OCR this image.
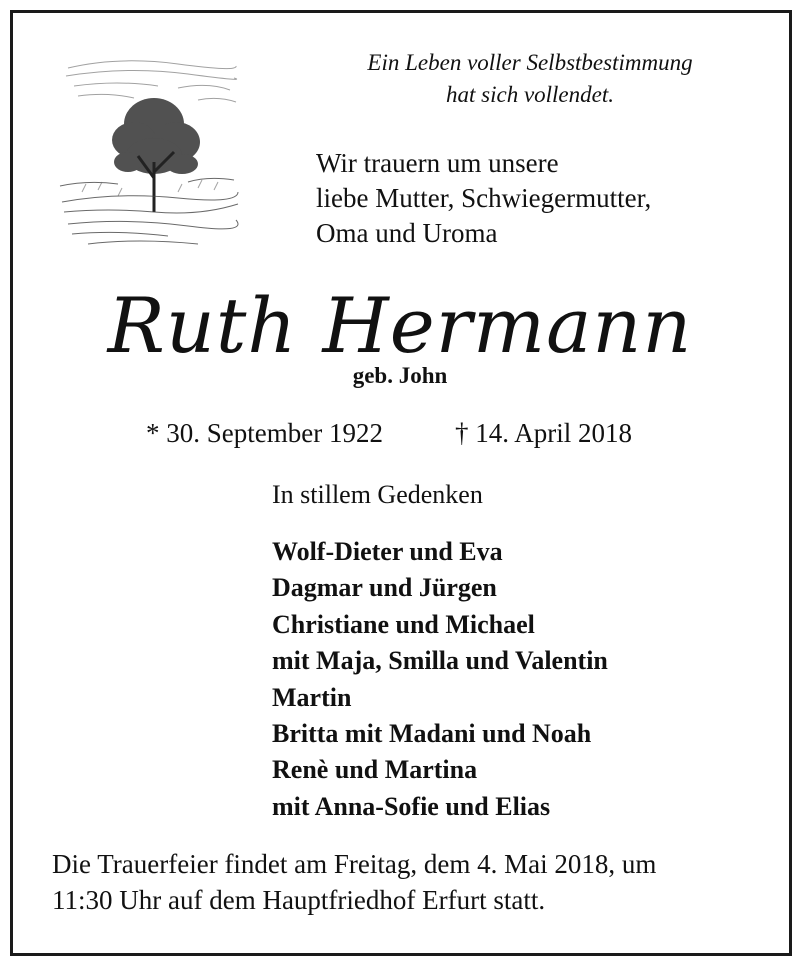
Ein Leben voller Selbstbestimmung
hat sich vollendet.
Wir trauern um unsere
liebe Mutter, Schwiegermutter,
Oma und Uroma
Ruth Hermann
geb. John
* 30. September 1922	† 14. April 2018
In stillem Gedenken
Wolf-Dieter und Eva
Dagmar und Jürgen
Christiane und Michael
mit Maja, Smilla und Valentin
Martin
Britta mit Madani und Noah
Renè und Martina
mit Anna-Sofie und Elias
Die Trauerfeier findet am Freitag, dem 4. Mai 2018, um
11:30 Uhr auf dem Hauptfriedhof Erfurt statt.
